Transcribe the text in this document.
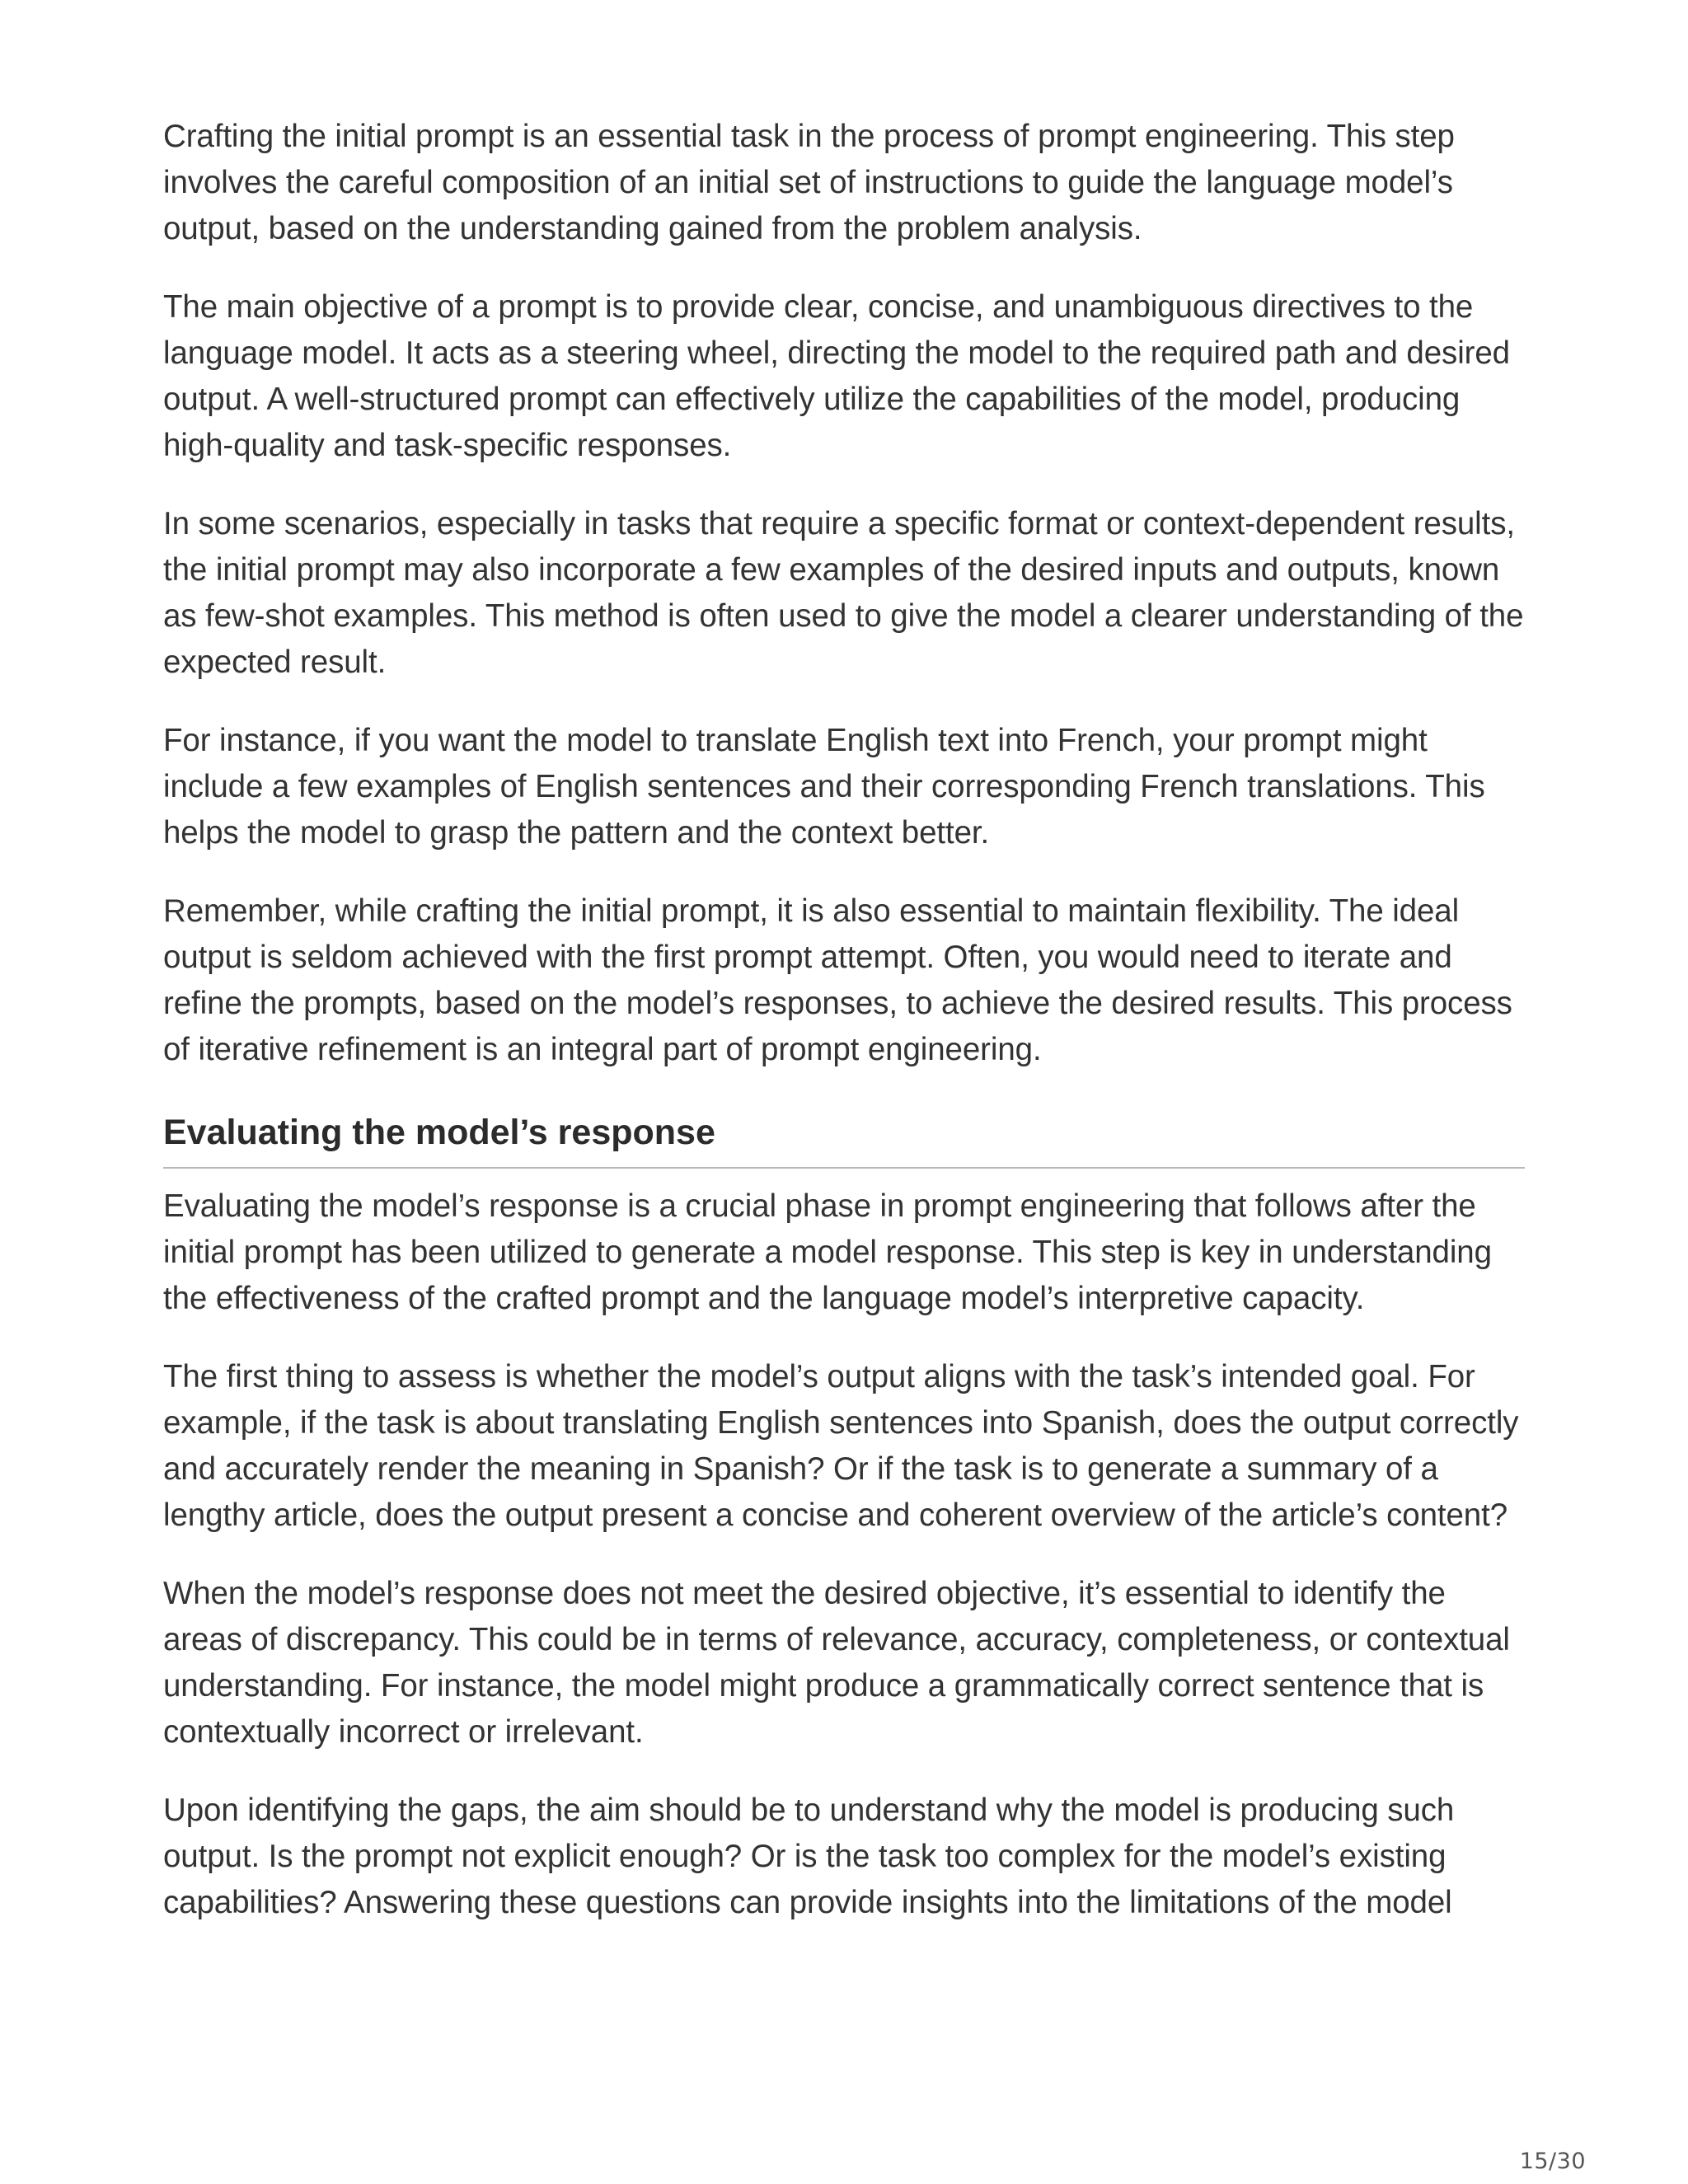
Crafting the initial prompt is an essential task in the process of prompt engineering. This step involves the careful composition of an initial set of instructions to guide the language model’s output, based on the understanding gained from the problem analysis.

The main objective of a prompt is to provide clear, concise, and unambiguous directives to the language model. It acts as a steering wheel, directing the model to the required path and desired output. A well-structured prompt can effectively utilize the capabilities of the model, producing high-quality and task-specific responses.

In some scenarios, especially in tasks that require a specific format or context-dependent results, the initial prompt may also incorporate a few examples of the desired inputs and outputs, known as few-shot examples. This method is often used to give the model a clearer understanding of the expected result.

For instance, if you want the model to translate English text into French, your prompt might include a few examples of English sentences and their corresponding French translations. This helps the model to grasp the pattern and the context better.

Remember, while crafting the initial prompt, it is also essential to maintain flexibility. The ideal output is seldom achieved with the first prompt attempt. Often, you would need to iterate and refine the prompts, based on the model’s responses, to achieve the desired results. This process of iterative refinement is an integral part of prompt engineering.

Evaluating the model’s response

Evaluating the model’s response is a crucial phase in prompt engineering that follows after the initial prompt has been utilized to generate a model response. This step is key in understanding the effectiveness of the crafted prompt and the language model’s interpretive capacity.

The first thing to assess is whether the model’s output aligns with the task’s intended goal. For example, if the task is about translating English sentences into Spanish, does the output correctly and accurately render the meaning in Spanish? Or if the task is to generate a summary of a lengthy article, does the output present a concise and coherent overview of the article’s content?

When the model’s response does not meet the desired objective, it’s essential to identify the areas of discrepancy. This could be in terms of relevance, accuracy, completeness, or contextual understanding. For instance, the model might produce a grammatically correct sentence that is contextually incorrect or irrelevant.

Upon identifying the gaps, the aim should be to understand why the model is producing such output. Is the prompt not explicit enough? Or is the task too complex for the model’s existing capabilities? Answering these questions can provide insights into the limitations of the model

15/30
